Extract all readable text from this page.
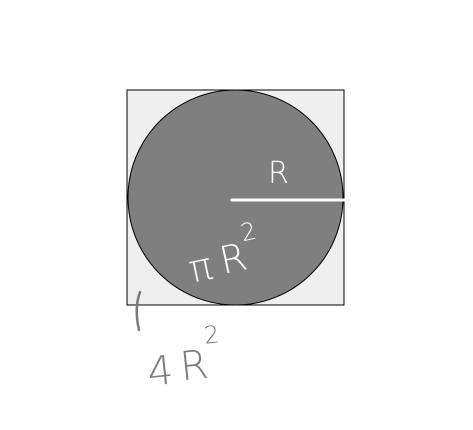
R
π R
2
4 R
2
